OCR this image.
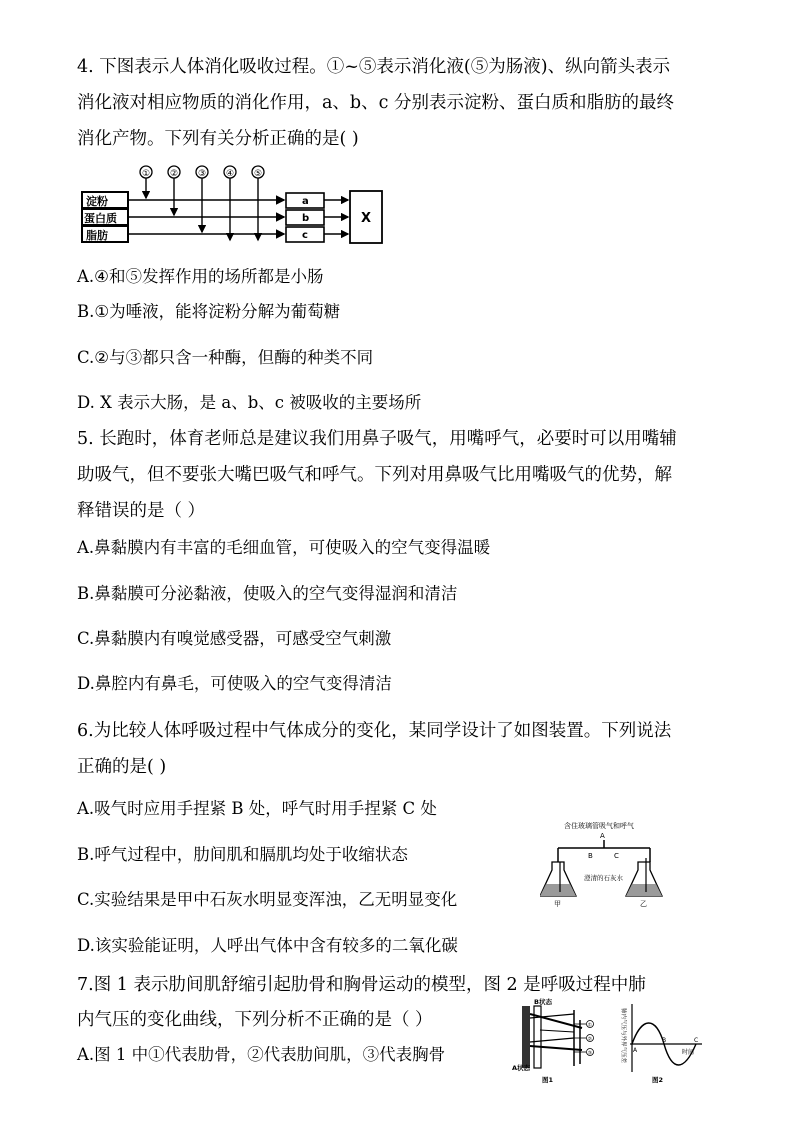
4. 下图表示人体消化吸收过程。①~⑤表示消化液(⑤为肠液)、纵向箭头表示
消化液对相应物质的消化作用，a、b、c 分别表示淀粉、蛋白质和脂肪的最终
消化产物。下列有关分析正确的是( )
淀粉
蛋白质
脂肪
① ② ③ ④ ⑤
a
b
c
X
A.④和⑤发挥作用的场所都是小肠
B.①为唾液，能将淀粉分解为葡萄糖
C.②与③都只含一种酶，但酶的种类不同
D. X 表示大肠，是 a、b、c 被吸收的主要场所
5. 长跑时，体育老师总是建议我们用鼻子吸气，用嘴呼气，必要时可以用嘴辅
助吸气，但不要张大嘴巴吸气和呼气。下列对用鼻吸气比用嘴吸气的优势，解
释错误的是（ ）
A.鼻黏膜内有丰富的毛细血管，可使吸入的空气变得温暖
B.鼻黏膜可分泌黏液，使吸入的空气变得湿润和清洁
C.鼻黏膜内有嗅觉感受器，可感受空气刺激
D.鼻腔内有鼻毛，可使吸入的空气变得清洁
6.为比较人体呼吸过程中气体成分的变化，某同学设计了如图装置。下列说法
正确的是( )
A.吸气时应用手捏紧 B 处，呼气时用手捏紧 C 处
B.呼气过程中，肋间肌和膈肌均处于收缩状态
C.实验结果是甲中石灰水明显变浑浊，乙无明显变化
D.该实验能证明，人呼出气体中含有较多的二氧化碳
含住玻璃管吸气和呼气
A
B	C
澄清的石灰水
甲	乙
7.图 1 表示肋间肌舒缩引起肋骨和胸骨运动的模型，图 2 是呼吸过程中肺
内气压的变化曲线，下列分析不正确的是（ ）
A.图 1 中①代表肋骨，②代表肋间肌，③代表胸骨
B状态
①
②
③
A状态
图1
肺内气压与外界气压差	A
B	C
时间
图2
